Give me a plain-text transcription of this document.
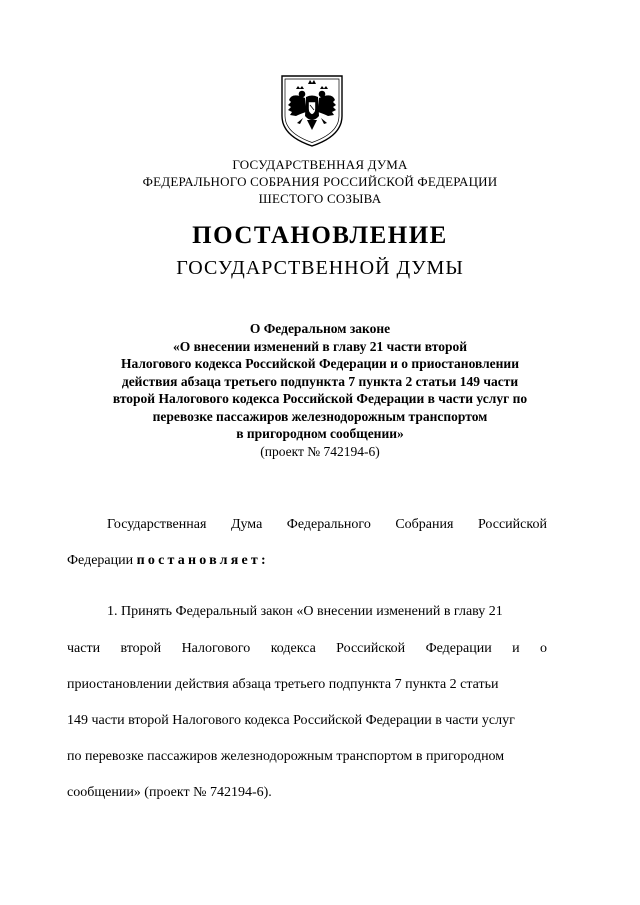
ГОСУДАРСТВЕННАЯ ДУМА
ФЕДЕРАЛЬНОГО СОБРАНИЯ РОССИЙСКОЙ ФЕДЕРАЦИИ
ШЕСТОГО СОЗЫВА
ПОСТАНОВЛЕНИЕ
ГОСУДАРСТВЕННОЙ ДУМЫ
О Федеральном законе
«О внесении изменений в главу 21 части второй
Налогового кодекса Российской Федерации и о приостановлении
действия абзаца третьего подпункта 7 пункта 2 статьи 149 части
второй Налогового кодекса Российской Федерации в части услуг по
перевозке пассажиров железнодорожным транспортом
в пригородном сообщении»
(проект № 742194-6)
Государственная Дума Федерального Собрания Российской
Федерации постановляет:
1. Принять Федеральный закон «О внесении изменений в главу 21
части второй Налогового кодекса Российской Федерации и о
приостановлении действия абзаца третьего подпункта 7 пункта 2 статьи
149 части второй Налогового кодекса Российской Федерации в части услуг
по перевозке пассажиров железнодорожным транспортом в пригородном
сообщении» (проект № 742194-6).
